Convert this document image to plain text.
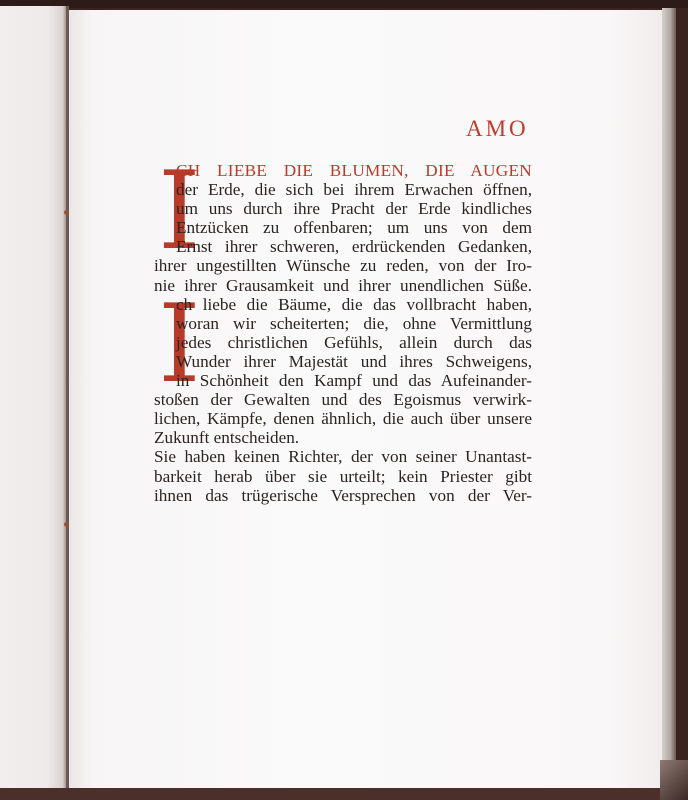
AMO
I
I
CH LIEBE DIE BLUMEN, DIE AUGEN
der Erde, die sich bei ihrem Erwachen öffnen,
um uns durch ihre Pracht der Erde kindliches
Entzücken zu offenbaren; um uns von dem
Ernst ihrer schweren, erdrückenden Gedanken,
ihrer ungestillten Wünsche zu reden, von der Iro-
nie ihrer Grausamkeit und ihrer unendlichen Süße.
ch liebe die Bäume, die das vollbracht haben,
woran wir scheiterten; die, ohne Vermittlung
jedes christlichen Gefühls, allein durch das
Wunder ihrer Majestät und ihres Schweigens,
in Schönheit den Kampf und das Aufeinander-
stoßen der Gewalten und des Egoismus verwirk-
lichen, Kämpfe, denen ähnlich, die auch über unsere
Zukunft entscheiden.
Sie haben keinen Richter, der von seiner Unantast-
barkeit herab über sie urteilt; kein Priester gibt
ihnen das trügerische Versprechen von der Ver-
